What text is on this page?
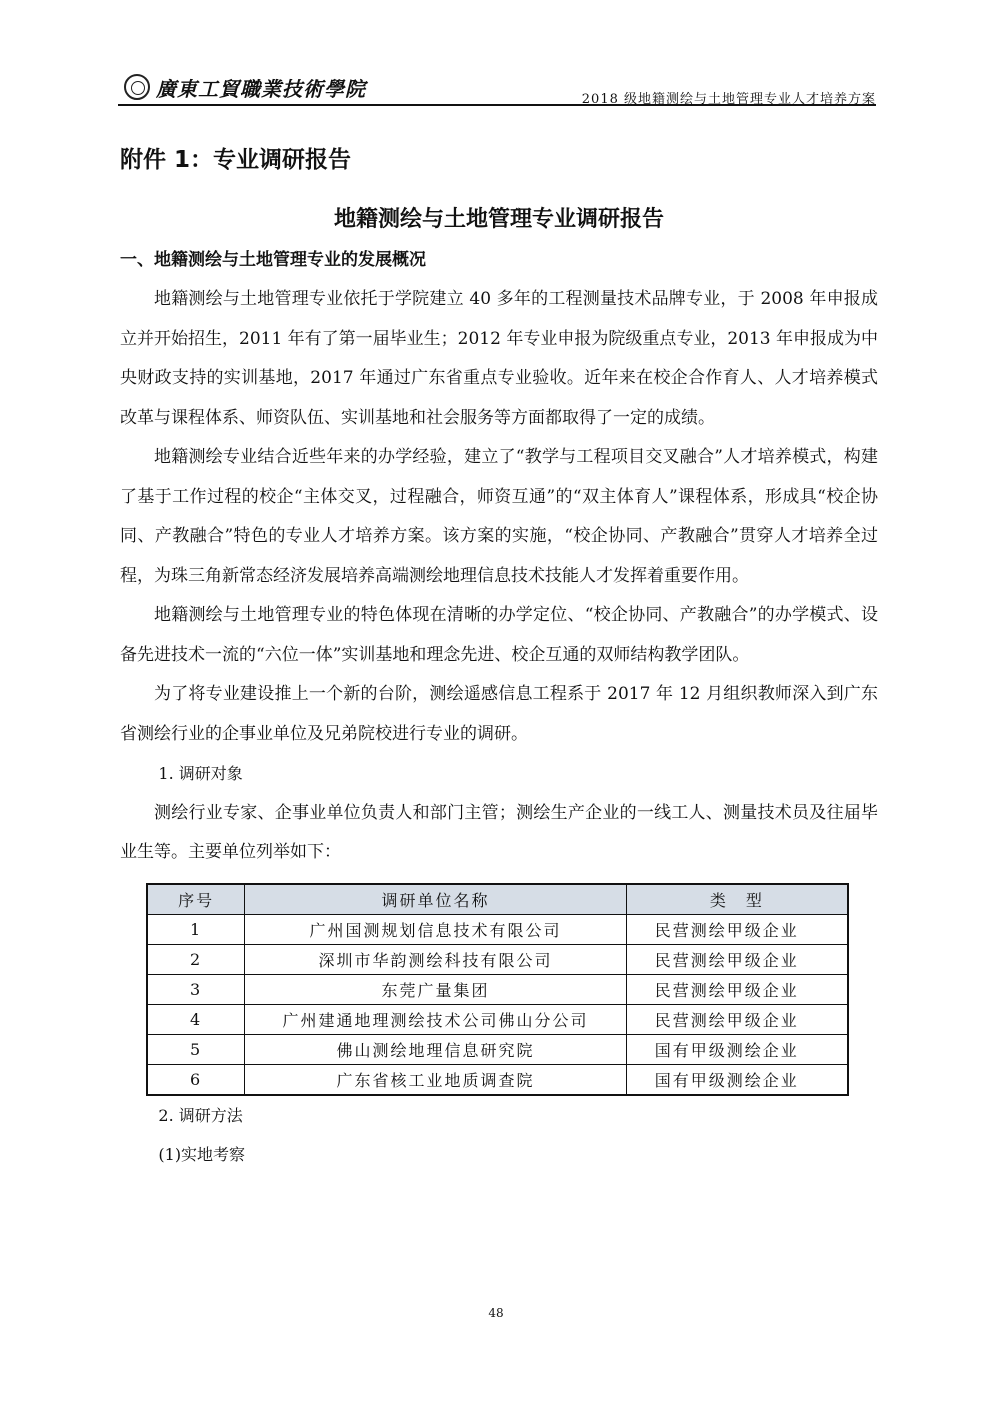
廣東工貿職業技術學院	2018 级地籍测绘与土地管理专业人才培养方案
附件 1：专业调研报告
地籍测绘与土地管理专业调研报告
一、地籍测绘与土地管理专业的发展概况

地籍测绘与土地管理专业依托于学院建立 40 多年的工程测量技术品牌专业，于 2008 年申报成立并开始招生，2011 年有了第一届毕业生；2012 年专业申报为院级重点专业，2013 年申报成为中央财政支持的实训基地，2017 年通过广东省重点专业验收。近年来在校企合作育人、人才培养模式改革与课程体系、师资队伍、实训基地和社会服务等方面都取得了一定的成绩。

地籍测绘专业结合近些年来的办学经验，建立了“教学与工程项目交叉融合”人才培养模式，构建了基于工作过程的校企“主体交叉，过程融合，师资互通”的“双主体育人”课程体系，形成具“校企协同、产教融合”特色的专业人才培养方案。该方案的实施，“校企协同、产教融合”贯穿人才培养全过程，为珠三角新常态经济发展培养高端测绘地理信息技术技能人才发挥着重要作用。

地籍测绘与土地管理专业的特色体现在清晰的办学定位、“校企协同、产教融合”的办学模式、设备先进技术一流的“六位一体”实训基地和理念先进、校企互通的双师结构教学团队。

为了将专业建设推上一个新的台阶，测绘遥感信息工程系于 2017 年 12 月组织教师深入到广东省测绘行业的企事业单位及兄弟院校进行专业的调研。

1. 调研对象

测绘行业专家、企事业单位负责人和部门主管；测绘生产企业的一线工人、测量技术员及往届毕业生等。主要单位列举如下：

序号	调研单位名称	类　型
1	广州国测规划信息技术有限公司	民营测绘甲级企业
2	深圳市华韵测绘科技有限公司	民营测绘甲级企业
3	东莞广量集团	民营测绘甲级企业
4	广州建通地理测绘技术公司佛山分公司	民营测绘甲级企业
5	佛山测绘地理信息研究院	国有甲级测绘企业
6	广东省核工业地质调查院	国有甲级测绘企业

2. 调研方法

(1)实地考察

48
